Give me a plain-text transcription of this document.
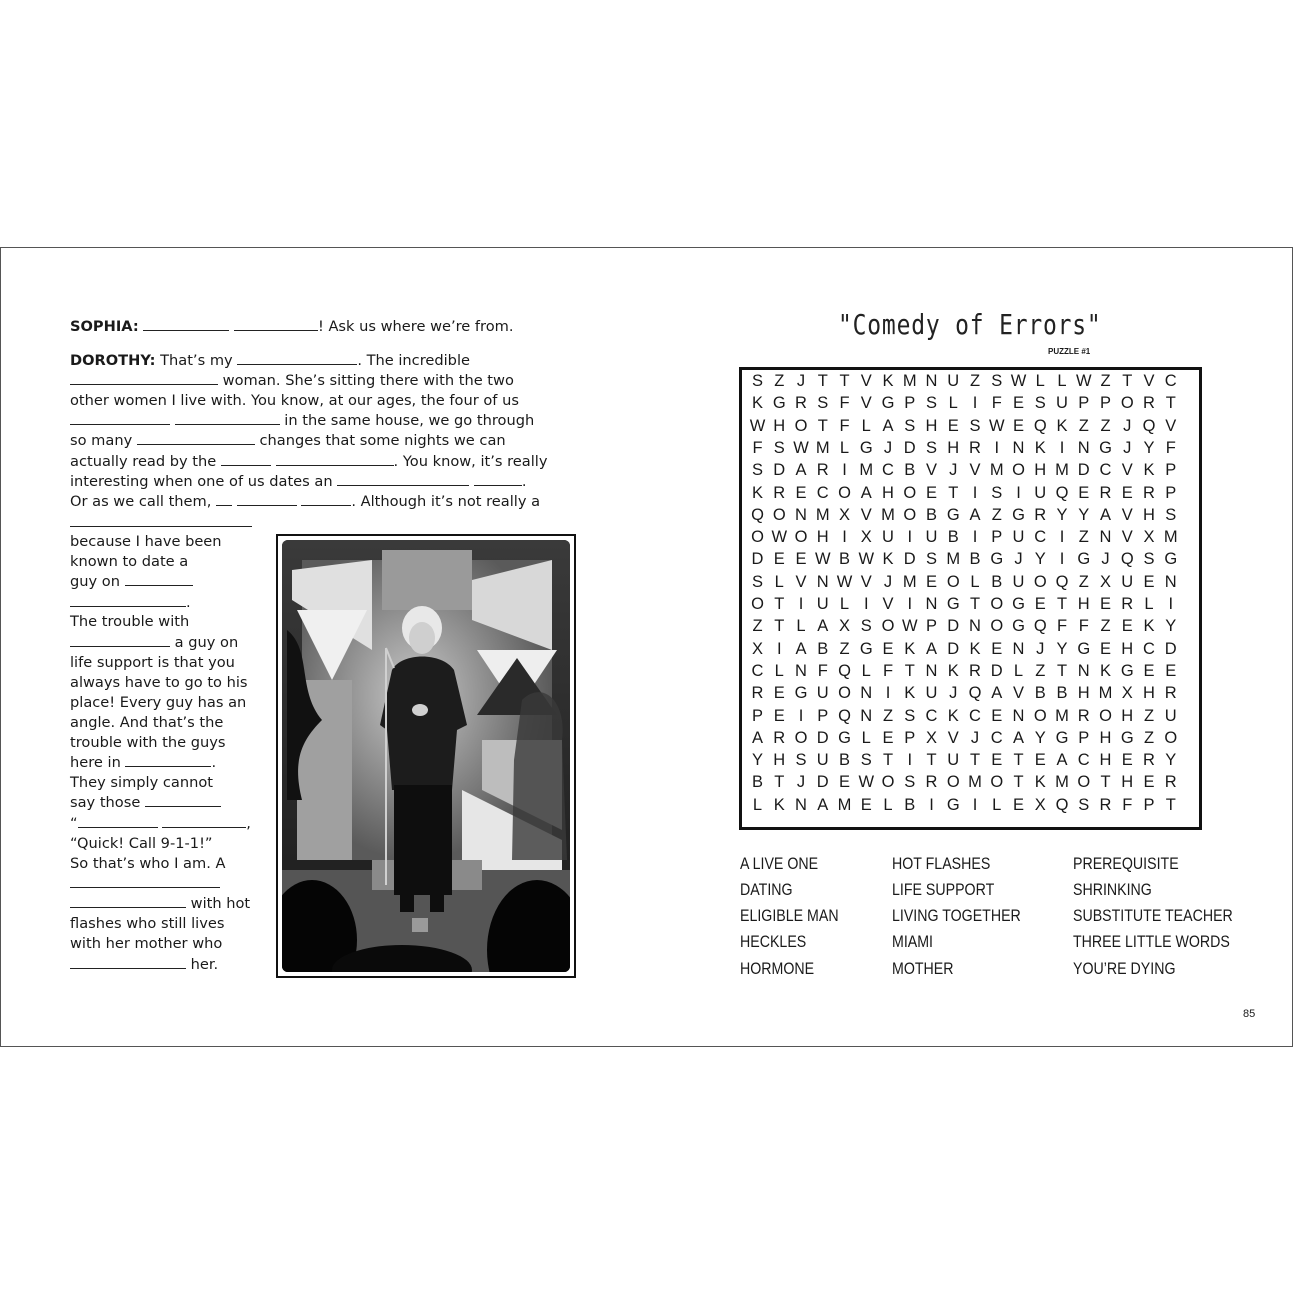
SOPHIA:	! Ask us where we’re from.
DOROTHY: That’s my	. The incredible
woman. She’s sitting there with the two
other women I live with. You know, at our ages, the four of us
in the same house, we go through
so many	changes that some nights we can
actually read by the	. You know, it’s really
interesting when one of us dates an	.
Or as we call them,	. Although it’s not really a
because I have been
known to date a
guy on
.
The trouble with
a guy on
life support is that you
always have to go to his
place! Every guy has an
angle. And that’s the
trouble with the guys
here in	.
They simply cannot
say those
“	,
“Quick! Call 9-1-1!”
So that’s who I am. A
with hot
flashes who still lives
with her mother who
her.
"Comedy of Errors"
PUZZLE #1
S Z J T T V K M N U Z S W L L W Z T V C
K G R S F V G P S L I F E S U P P O R T
W H O T F L A S H E S W E Q K Z Z J Q V
F S W M L G J D S H R I N K I N G J Y F
S D A R I M C B V J V M O H M D C V K P
K R E C O A H O E T I S I U Q E R E R P
Q O N M X V M O B G A Z G R Y Y A V H S
O W O H I X U I U B I P U C I Z N V X M
D E E W B W K D S M B G J Y I G J Q S G
S L V N W V J M E O L B U O Q Z X U E N
O T I U L I V I N G T O G E T H E R L I
Z T L A X S O W P D N O G Q F F Z E K Y
X I A B Z G E K A D K E N J Y G E H C D
C L N F Q L F T N K R D L Z T N K G E E
R E G U O N I K U J Q A V B B H M X H R
P E I P Q N Z S C K C E N O M R O H Z U
A R O D G L E P X V J C A Y G P H G Z O
Y H S U B S T I T U T E T E A C H E R Y
B T J D E W O S R O M O T K M O T H E R
L K N A M E L B I G I L E X Q S R F P T
A LIVE ONE
DATING
ELIGIBLE MAN
HECKLES
HORMONE
HOT FLASHES
LIFE SUPPORT
LIVING TOGETHER
MIAMI
MOTHER
PREREQUISITE
SHRINKING
SUBSTITUTE TEACHER
THREE LITTLE WORDS
YOU’RE DYING
85
